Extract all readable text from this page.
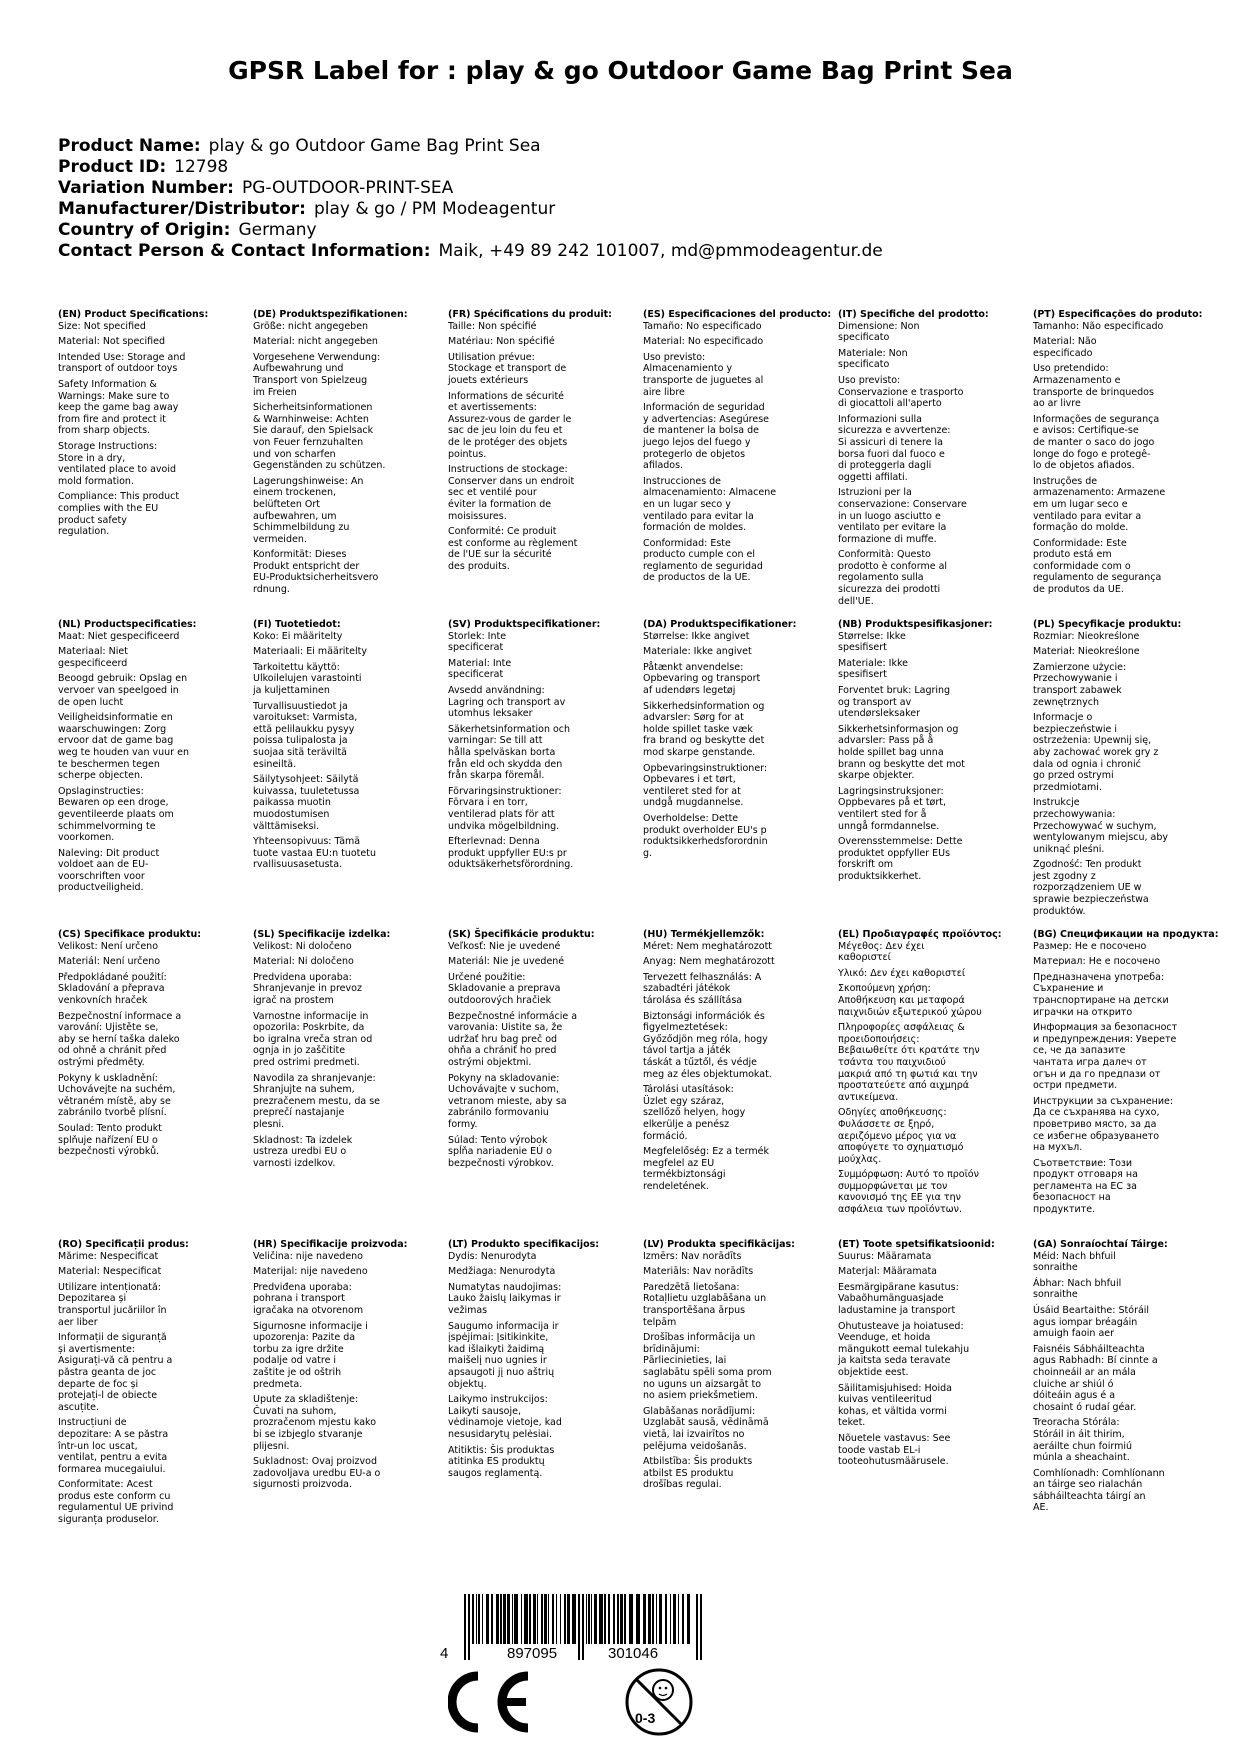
GPSR Label for : play & go Outdoor Game Bag Print Sea
Product Name: play & go Outdoor Game Bag Print Sea
Product ID: 12798
Variation Number: PG-OUTDOOR-PRINT-SEA
Manufacturer/Distributor: play & go / PM Modeagentur
Country of Origin: Germany
Contact Person & Contact Information: Maik, +49 89 242 101007, md@pmmodeagentur.de
(EN) Product Specifications:
Size: Not specified
Material: Not specified
Intended Use: Storage and
transport of outdoor toys
Safety Information &
Warnings: Make sure to
keep the game bag away
from fire and protect it
from sharp objects.
Storage Instructions:
Store in a dry,
ventilated place to avoid
mold formation.
Compliance: This product
complies with the EU
product safety
regulation.
(DE) Produktspezifikationen:
Größe: nicht angegeben
Material: nicht angegeben
Vorgesehene Verwendung:
Aufbewahrung und
Transport von Spielzeug
im Freien
Sicherheitsinformationen
& Warnhinweise: Achten
Sie darauf, den Spielsack
von Feuer fernzuhalten
und von scharfen
Gegenständen zu schützen.
Lagerungshinweise: An
einem trockenen,
belüfteten Ort
aufbewahren, um
Schimmelbildung zu
vermeiden.
Konformität: Dieses
Produkt entspricht der
EU-Produktsicherheitsvero
rdnung.
(FR) Spécifications du produit:
Taille: Non spécifié
Matériau: Non spécifié
Utilisation prévue:
Stockage et transport de
jouets extérieurs
Informations de sécurité
et avertissements:
Assurez-vous de garder le
sac de jeu loin du feu et
de le protéger des objets
pointus.
Instructions de stockage:
Conserver dans un endroit
sec et ventilé pour
éviter la formation de
moisissures.
Conformité: Ce produit
est conforme au règlement
de l'UE sur la sécurité
des produits.
(ES) Especificaciones del producto:
Tamaño: No especificado
Material: No especificado
Uso previsto:
Almacenamiento y
transporte de juguetes al
aire libre
Información de seguridad
y advertencias: Asegúrese
de mantener la bolsa de
juego lejos del fuego y
protegerlo de objetos
afilados.
Instrucciones de
almacenamiento: Almacene
en un lugar seco y
ventilado para evitar la
formación de moldes.
Conformidad: Este
producto cumple con el
reglamento de seguridad
de productos de la UE.
(IT) Specifiche del prodotto:
Dimensione: Non
specificato
Materiale: Non
specificato
Uso previsto:
Conservazione e trasporto
di giocattoli all'aperto
Informazioni sulla
sicurezza e avvertenze:
Si assicuri di tenere la
borsa fuori dal fuoco e
di proteggerla dagli
oggetti affilati.
Istruzioni per la
conservazione: Conservare
in un luogo asciutto e
ventilato per evitare la
formazione di muffe.
Conformità: Questo
prodotto è conforme al
regolamento sulla
sicurezza dei prodotti
dell'UE.
(PT) Especificações do produto:
Tamanho: Não especificado
Material: Não
especificado
Uso pretendido:
Armazenamento e
transporte de brinquedos
ao ar livre
Informações de segurança
e avisos: Certifique-se
de manter o saco do jogo
longe do fogo e protegê-
lo de objetos afiados.
Instruções de
armazenamento: Armazene
em um lugar seco e
ventilado para evitar a
formação do molde.
Conformidade: Este
produto está em
conformidade com o
regulamento de segurança
de produtos da UE.
(NL) Productspecificaties:
Maat: Niet gespecificeerd
Materiaal: Niet
gespecificeerd
Beoogd gebruik: Opslag en
vervoer van speelgoed in
de open lucht
Veiligheidsinformatie en
waarschuwingen: Zorg
ervoor dat de game bag
weg te houden van vuur en
te beschermen tegen
scherpe objecten.
Opslaginstructies:
Bewaren op een droge,
geventileerde plaats om
schimmelvorming te
voorkomen.
Naleving: Dit product
voldoet aan de EU-
voorschriften voor
productveiligheid.
(FI) Tuotetiedot:
Koko: Ei määritelty
Materiaali: Ei määritelty
Tarkoitettu käyttö:
Ulkoilelujen varastointi
ja kuljettaminen
Turvallisuustiedot ja
varoitukset: Varmista,
että pelilaukku pysyy
poissa tulipalosta ja
suojaa sitä teräviltä
esineiltä.
Säilytysohjeet: Säilytä
kuivassa, tuuletetussa
paikassa muotin
muodostumisen
välttämiseksi.
Yhteensopivuus: Tämä
tuote vastaa EU:n tuotetu
rvallisuusasetusta.
(SV) Produktspecifikationer:
Storlek: Inte
specificerat
Material: Inte
specificerat
Avsedd användning:
Lagring och transport av
utomhus leksaker
Säkerhetsinformation och
varningar: Se till att
hålla spelväskan borta
från eld och skydda den
från skarpa föremål.
Förvaringsinstruktioner:
Förvara i en torr,
ventilerad plats för att
undvika mögelbildning.
Efterlevnad: Denna
produkt uppfyller EU:s pr
oduktsäkerhetsförordning.
(DA) Produktspecifikationer:
Størrelse: Ikke angivet
Materiale: Ikke angivet
Påtænkt anvendelse:
Opbevaring og transport
af udendørs legetøj
Sikkerhedsinformation og
advarsler: Sørg for at
holde spillet taske væk
fra brand og beskytte det
mod skarpe genstande.
Opbevaringsinstruktioner:
Opbevares i et tørt,
ventileret sted for at
undgå mugdannelse.
Overholdelse: Dette
produkt overholder EU's p
roduktsikkerhedsforordnin
g.
(NB) Produktspesifikasjoner:
Størrelse: Ikke
spesifisert
Materiale: Ikke
spesifisert
Forventet bruk: Lagring
og transport av
utendørsleksaker
Sikkerhetsinformasjon og
advarsler: Pass på å
holde spillet bag unna
brann og beskytte det mot
skarpe objekter.
Lagringsinstruksjoner:
Oppbevares på et tørt,
ventilert sted for å
unngå formdannelse.
Overensstemmelse: Dette
produktet oppfyller EUs
forskrift om
produktsikkerhet.
(PL) Specyfikacje produktu:
Rozmiar: Nieokreślone
Materiał: Nieokreślone
Zamierzone użycie:
Przechowywanie i
transport zabawek
zewnętrznych
Informacje o
bezpieczeństwie i
ostrzeżenia: Upewnij się,
aby zachować worek gry z
dala od ognia i chronić
go przed ostrymi
przedmiotami.
Instrukcje
przechowywania:
Przechowywać w suchym,
wentylowanym miejscu, aby
uniknąć pleśni.
Zgodność: Ten produkt
jest zgodny z
rozporządzeniem UE w
sprawie bezpieczeństwa
produktów.
(CS) Specifikace produktu:
Velikost: Není určeno
Materiál: Není určeno
Předpokládané použití:
Skladování a přeprava
venkovních hraček
Bezpečnostní informace a
varování: Ujistěte se,
aby se herní taška daleko
od ohně a chránit před
ostrými předměty.
Pokyny k uskladnění:
Uchovávejte na suchém,
větraném místě, aby se
zabránilo tvorbě plísní.
Soulad: Tento produkt
splňuje nařízení EU o
bezpečnosti výrobků.
(SL) Specifikacije izdelka:
Velikost: Ni določeno
Material: Ni določeno
Predvidena uporaba:
Shranjevanje in prevoz
igrač na prostem
Varnostne informacije in
opozorila: Poskrbite, da
bo igralna vreča stran od
ognja in jo zaščitite
pred ostrimi predmeti.
Navodila za shranjevanje:
Shranjujte na suhem,
prezračenem mestu, da se
preprečí nastajanje
plesni.
Skladnost: Ta izdelek
ustreza uredbi EU o
varnosti izdelkov.
(SK) Špecifikácie produktu:
Veľkosť: Nie je uvedené
Materiál: Nie je uvedené
Určené použitie:
Skladovanie a preprava
outdoorových hračiek
Bezpečnostné informácie a
varovania: Uistite sa, že
udržať hru bag preč od
ohňa a chrániť ho pred
ostrými objektmi.
Pokyny na skladovanie:
Uchovávajte v suchom,
vetranom mieste, aby sa
zabránilo formovaniu
formy.
Súlad: Tento výrobok
spĺňa nariadenie EÚ o
bezpečnosti výrobkov.
(HU) Termékjellemzők:
Méret: Nem meghatározott
Anyag: Nem meghatározott
Tervezett felhasználás: A
szabadtéri játékok
tárolása és szállítása
Biztonsági információk és
figyelmeztetések:
Győződjön meg róla, hogy
távol tartja a játék
táskát a tűztől, és védje
meg az éles objektumokat.
Tárolási utasítások:
Üzlet egy száraz,
szellőző helyen, hogy
elkerülje a penész
formáció.
Megfelelőség: Ez a termék
megfelel az EU
termékbiztonsági
rendeletének.
(EL) Προδιαγραφές προϊόντος:
Μέγεθος: Δεν έχει
καθοριστεί
Υλικό: Δεν έχει καθοριστεί
Σκοπούμενη χρήση:
Αποθήκευση και μεταφορά
παιχνιδιών εξωτερικού χώρου
Πληροφορίες ασφάλειας &
προειδοποιήσεις:
Βεβαιωθείτε ότι κρατάτε την
τσάντα του παιχνιδιού
μακριά από τη φωτιά και την
προστατεύετε από αιχμηρά
αντικείμενα.
Οδηγίες αποθήκευσης:
Φυλάσσετε σε ξηρό,
αεριζόμενο μέρος για να
αποφύγετε το σχηματισμό
μούχλας.
Συμμόρφωση: Αυτό το προϊόν
συμμορφώνεται με τον
κανονισμό της ΕΕ για την
ασφάλεια των προϊόντων.
(BG) Спецификации на продукта:
Размер: Не е посочено
Материал: Не е посочено
Предназначена употреба:
Съхранение и
транспортиране на детски
играчки на открито
Информация за безопасност
и предупреждения: Уверете
се, че да запазите
чантата игра далеч от
огън и да го предпази от
остри предмети.
Инструкции за съхранение:
Да се съхранява на сухо,
проветриво място, за да
се избегне образуването
на мухъл.
Съответствие: Този
продукт отговаря на
регламента на ЕС за
безопасност на
продуктите.
(RO) Specificații produs:
Mărime: Nespecificat
Material: Nespecificat
Utilizare intenționată:
Depozitarea și
transportul jucăriilor în
aer liber
Informații de siguranță
și avertismente:
Asigurați-vă că pentru a
păstra geanta de joc
departe de foc și
protejați-l de obiecte
ascuțite.
Instrucțiuni de
depozitare: A se păstra
într-un loc uscat,
ventilat, pentru a evita
formarea mucegaiului.
Conformitate: Acest
produs este conform cu
regulamentul UE privind
siguranța produselor.
(HR) Specifikacije proizvoda:
Veličina: nije navedeno
Materijal: nije navedeno
Predviđena uporaba:
pohrana i transport
igračaka na otvorenom
Sigurnosne informacije i
upozorenja: Pazite da
torbu za igre držite
podalje od vatre i
zaštite je od oštrih
predmeta.
Upute za skladištenje:
Čuvati na suhom,
prozračenom mjestu kako
bi se izbjeglo stvaranje
plijesni.
Sukladnost: Ovaj proizvod
zadovoljava uredbu EU-a o
sigurnosti proizvoda.
(LT) Produkto specifikacijos:
Dydis: Nenurodyta
Medžiaga: Nenurodyta
Numatytas naudojimas:
Lauko žaislų laikymas ir
vežimas
Saugumo informacija ir
įspėjimai: Įsitikinkite,
kad išlaikyti žaidimą
maišelį nuo ugnies ir
apsaugoti jį nuo aštrių
objektų.
Laikymo instrukcijos:
Laikyti sausoje,
vėdinamoje vietoje, kad
nesusidarytų pelėsiai.
Atitiktis: Šis produktas
atitinka ES produktų
saugos reglamentą.
(LV) Produkta specifikācijas:
Izmērs: Nav norādīts
Materiāls: Nav norādīts
Paredzētā lietošana:
Rotaļlietu uzglabāšana un
transportēšana ārpus
telpām
Drošības informācija un
brīdinājumi:
Pārliecinieties, lai
saglabātu spēli soma prom
no uguns un aizsargāt to
no asiem priekšmetiem.
Glabāšanas norādījumi:
Uzglabāt sausā, vēdināmā
vietā, lai izvairītos no
pelējuma veidošanās.
Atbilstība: Šis produkts
atbilst ES produktu
drošības regulai.
(ET) Toote spetsifikatsioonid:
Suurus: Määramata
Materjal: Määramata
Eesmärgipärane kasutus:
Vabaõhumänguasjade
ladustamine ja transport
Ohutusteave ja hoiatused:
Veenduge, et hoida
mängukott eemal tulekahju
ja kaitsta seda teravate
objektide eest.
Säilitamisjuhised: Hoida
kuivas ventileeritud
kohas, et vältida vormi
teket.
Nõuetele vastavus: See
toode vastab EL-i
tooteohutusmäärusele.
(GA) Sonraíochtaí Táirge:
Méid: Nach bhfuil
sonraithe
Ábhar: Nach bhfuil
sonraithe
Úsáid Beartaithe: Stóráil
agus iompar bréagáin
amuigh faoin aer
Faisnéis Sábháilteachta
agus Rabhadh: Bí cinnte a
choinneáil ar an mála
cluiche ar shiúl ó
dóiteáin agus é a
chosaint ó rudaí géar.
Treoracha Stórála:
Stóráil in áit thirim,
aeráilte chun foirmiú
múnla a sheachaint.
Comhlíonadh: Comhlíonann
an táirge seo rialachán
sábháilteachta táirgí an
AE.
4	897095	301046
0-3
